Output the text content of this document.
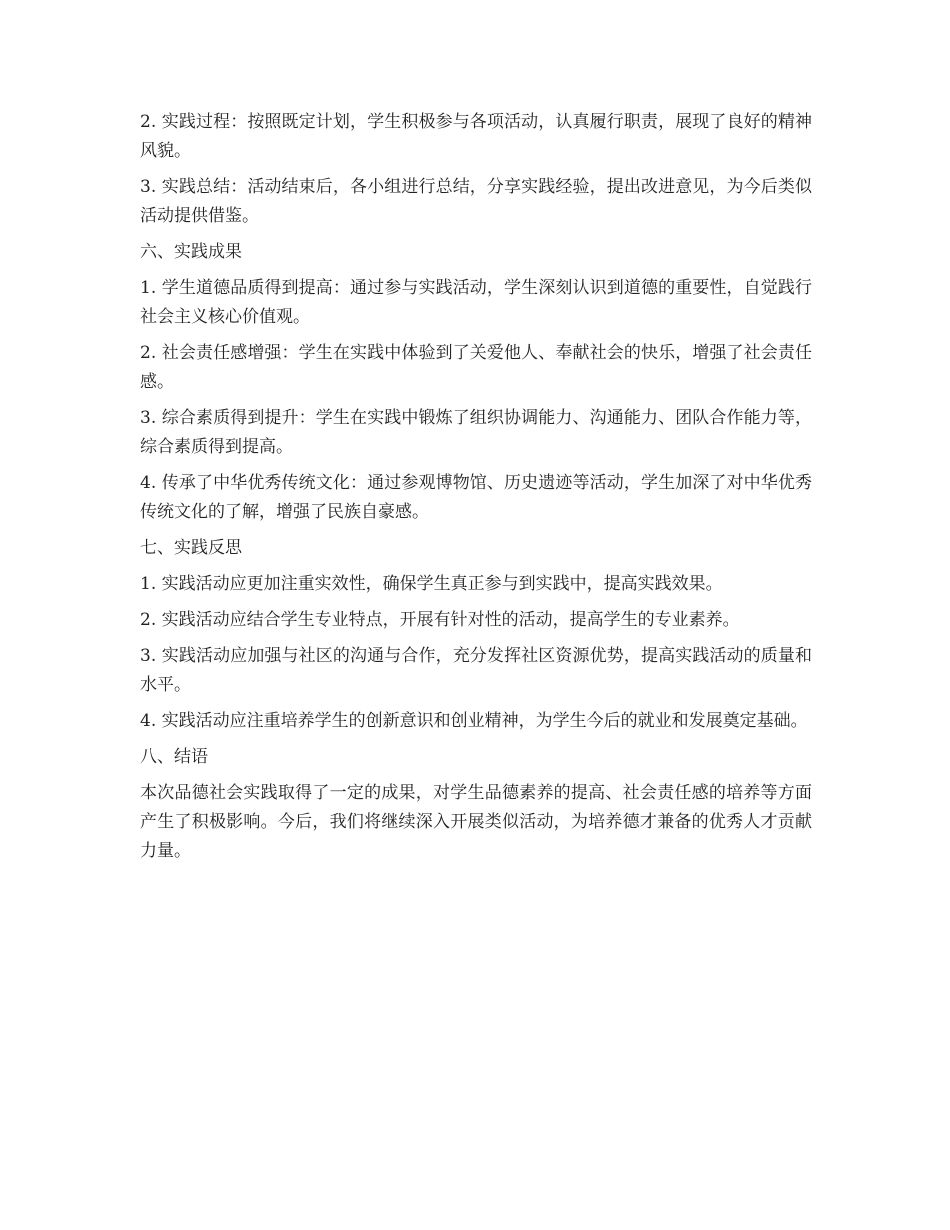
2. 实践过程：按照既定计划，学生积极参与各项活动，认真履行职责，展现了良好的精神风貌。

3. 实践总结：活动结束后，各小组进行总结，分享实践经验，提出改进意见，为今后类似活动提供借鉴。

六、实践成果

1. 学生道德品质得到提高：通过参与实践活动，学生深刻认识到道德的重要性，自觉践行社会主义核心价值观。

2. 社会责任感增强：学生在实践中体验到了关爱他人、奉献社会的快乐，增强了社会责任感。

3. 综合素质得到提升：学生在实践中锻炼了组织协调能力、沟通能力、团队合作能力等，综合素质得到提高。

4. 传承了中华优秀传统文化：通过参观博物馆、历史遗迹等活动，学生加深了对中华优秀传统文化的了解，增强了民族自豪感。

七、实践反思

1. 实践活动应更加注重实效性，确保学生真正参与到实践中，提高实践效果。

2. 实践活动应结合学生专业特点，开展有针对性的活动，提高学生的专业素养。

3. 实践活动应加强与社区的沟通与合作，充分发挥社区资源优势，提高实践活动的质量和水平。

4. 实践活动应注重培养学生的创新意识和创业精神，为学生今后的就业和发展奠定基础。

八、结语

本次品德社会实践取得了一定的成果，对学生品德素养的提高、社会责任感的培养等方面产生了积极影响。今后，我们将继续深入开展类似活动，为培养德才兼备的优秀人才贡献力量。
